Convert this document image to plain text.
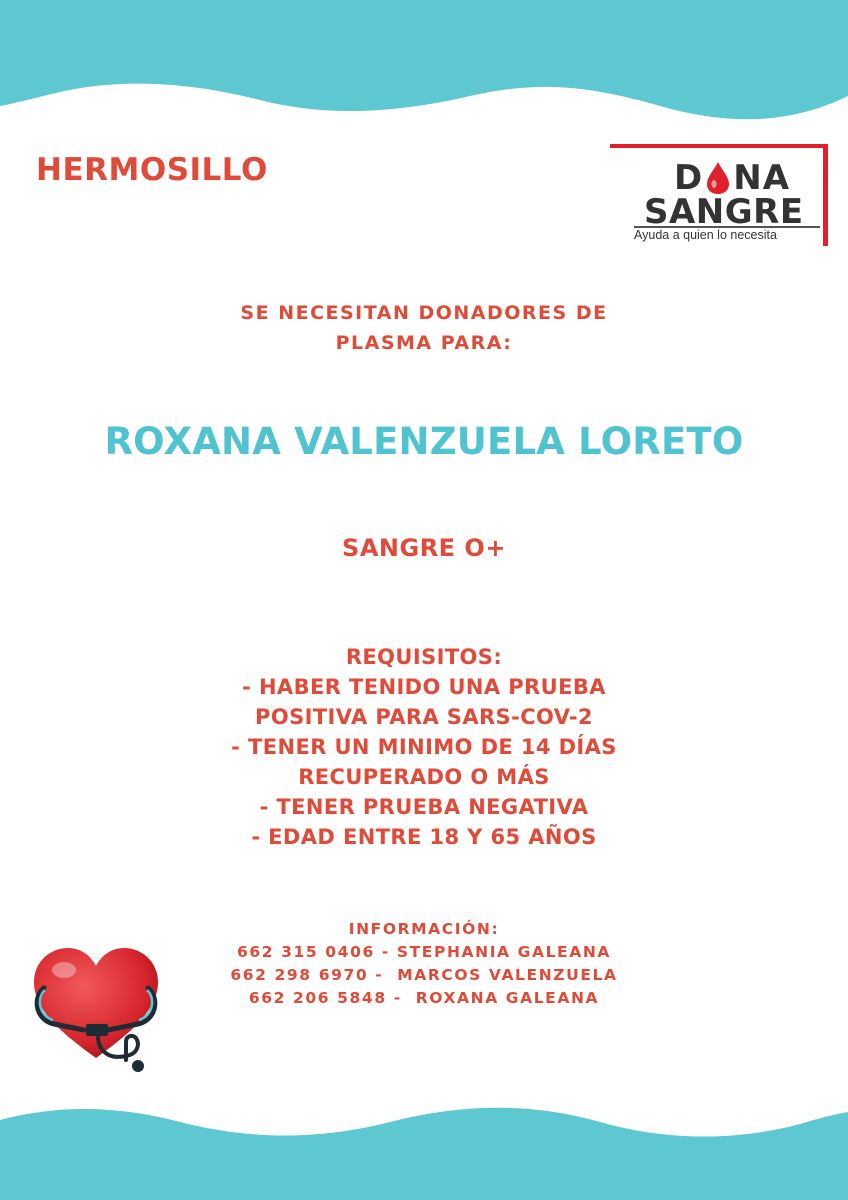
HERMOSILLO	D NA
SANGRE
Ayuda a quien lo necesita
SE NECESITAN DONADORES DE
PLASMA PARA:
ROXANA VALENZUELA LORETO
SANGRE O+
REQUISITOS:
- HABER TENIDO UNA PRUEBA
POSITIVA PARA SARS-COV-2
- TENER UN MINIMO DE 14 DÍAS
RECUPERADO O MÁS
- TENER PRUEBA NEGATIVA
- EDAD ENTRE 18 Y 65 AÑOS
INFORMACIÓN:
662 315 0406 - STEPHANIA GALEANA
662 298 6970 -  MARCOS VALENZUELA
662 206 5848 -  ROXANA GALEANA
